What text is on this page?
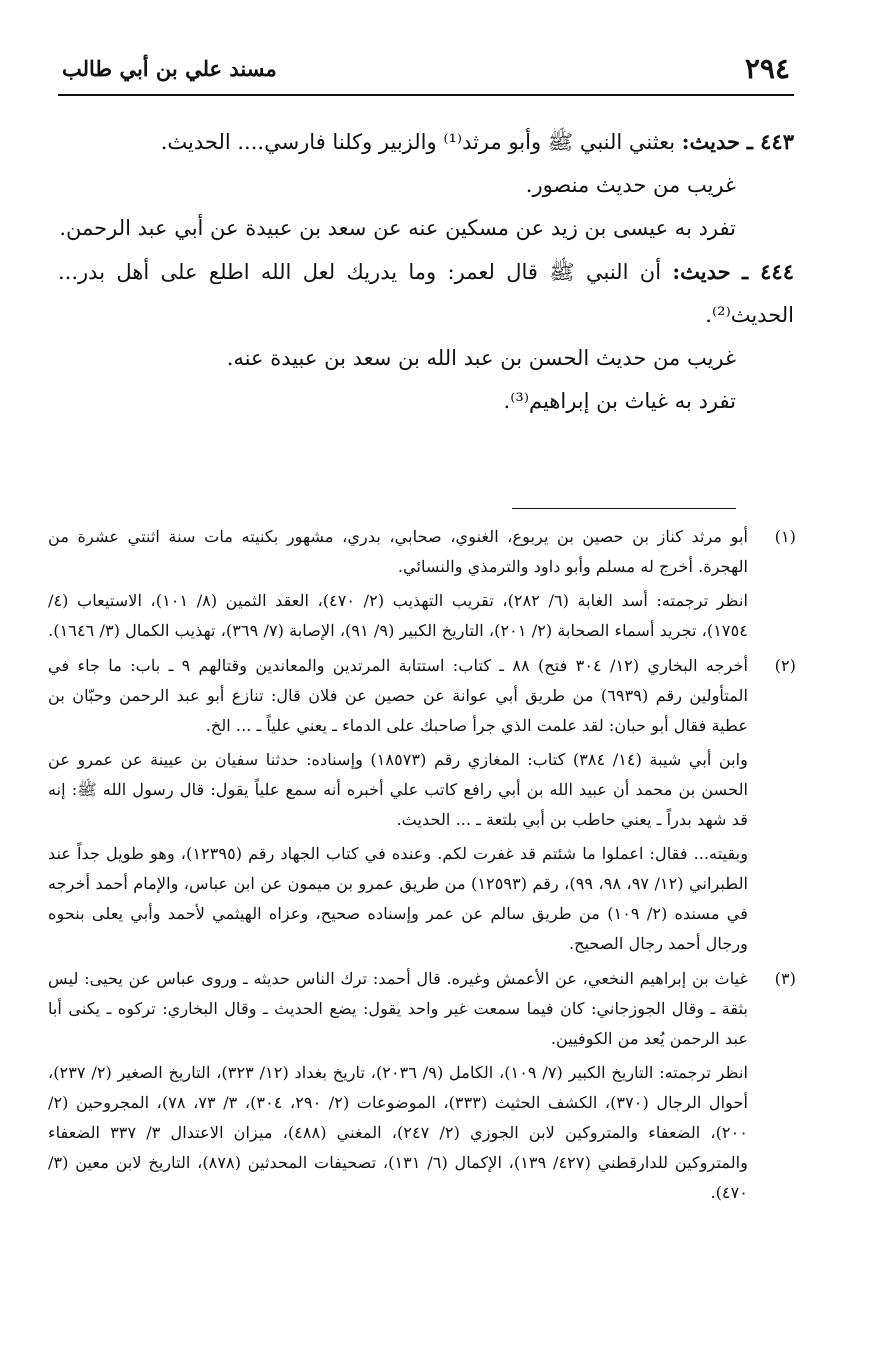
٢٩٤
مسند علي بن أبي طالب

٤٤٣ ـ حديث: بعثني النبي ﷺ وأبو مرثد⁽¹⁾ والزبير وكلنا فارسي.... الحديث.

غريب من حديث منصور.

تفرد به عيسى بن زيد عن مسكين عنه عن سعد بن عبيدة عن أبي عبد الرحمن.

٤٤٤ ـ حديث: أن النبي ﷺ قال لعمر: وما يدريك لعل الله اطلع على أهل بدر... الحديث⁽²⁾.

غريب من حديث الحسن بن عبد الله بن سعد بن عبيدة عنه.

تفرد به غياث بن إبراهيم⁽³⁾.

(١)

أبو مرثد كناز بن حصين بن يربوع، الغنوي، صحابي، بدري، مشهور بكنيته مات سنة اثنتي عشرة من الهجرة. أخرج له مسلم وأبو داود والترمذي والنسائي.

انظر ترجمته: أسد الغابة (٦/ ٢٨٢)، تقريب التهذيب (٢/ ٤٧٠)، العقد الثمين (٨/ ١٠١)، الاستيعاب (٤/ ١٧٥٤)، تجريد أسماء الصحابة (٢/ ٢٠١)، التاريخ الكبير (٩/ ٩١)، الإصابة (٧/ ٣٦٩)، تهذيب الكمال (٣/ ١٦٤٦).

(٢)

أخرجه البخاري (١٢/ ٣٠٤ فتح) ٨٨ ـ كتاب: استتابة المرتدين والمعاندين وقتالهم ٩ ـ باب: ما جاء في المتأولين رقم (٦٩٣٩) من طريق أبي عوانة عن حصين عن فلان قال: تنازع أبو عبد الرحمن وحبّان بن عطية فقال أبو حبان: لقد علمت الذي جرأ صاحبك على الدماء ـ يعني علياً ـ ... الخ.

وابن أبي شيبة (١٤/ ٣٨٤) كتاب: المغازي رقم (١٨٥٧٣) وإسناده: حدثنا سفيان بن عيينة عن عمرو عن الحسن بن محمد أن عبيد الله بن أبي رافع كاتب علي أخبره أنه سمع علياً يقول: قال رسول الله ﷺ: إنه قد شهد بدراً ـ يعني حاطب بن أبي بلتعة ـ ... الحديث.

وبقيته... فقال: اعملوا ما شئتم قد غفرت لكم. وعنده في كتاب الجهاد رقم (١٢٣٩٥)، وهو طويل جداً عند الطبراني (١٢/ ٩٧، ٩٨، ٩٩)، رقم (١٢٥٩٣) من طريق عمرو بن ميمون عن ابن عباس، والإمام أحمد أخرجه في مسنده (٢/ ١٠٩) من طريق سالم عن عمر وإسناده صحيح، وعزاه الهيثمي لأحمد وأبي يعلى بنحوه ورجال أحمد رجال الصحيح.

(٣)

غياث بن إبراهيم النخعي، عن الأعمش وغيره. قال أحمد: ترك الناس حديثه ـ وروى عباس عن يحيى: ليس بثقة ـ وقال الجوزجاني: كان فيما سمعت غير واحد يقول: يضع الحديث ـ وقال البخاري: تركوه ـ يكنى أبا عبد الرحمن يُعد من الكوفيين.

انظر ترجمته: التاريخ الكبير (٧/ ١٠٩)، الكامل (٩/ ٢٠٣٦)، تاريخ بغداد (١٢/ ٣٢٣)، التاريخ الصغير (٢/ ٢٣٧)، أحوال الرجال (٣٧٠)، الكشف الحثيث (٣٣٣)، الموضوعات (٢/ ٢٩٠، ٣٠٤)، ٣/ ٧٣، ٧٨)، المجروحين (٢/ ٢٠٠)، الضعفاء والمتروكين لابن الجوزي (٢/ ٢٤٧)، المغني (٤٨٨)، ميزان الاعتدال ٣/ ٣٣٧ الضعفاء والمتروكين للدارقطني (٤٢٧/ ١٣٩)، الإكمال (٦/ ١٣١)، تصحيفات المحدثين (٨٧٨)، التاريخ لابن معين (٣/ ٤٧٠).
